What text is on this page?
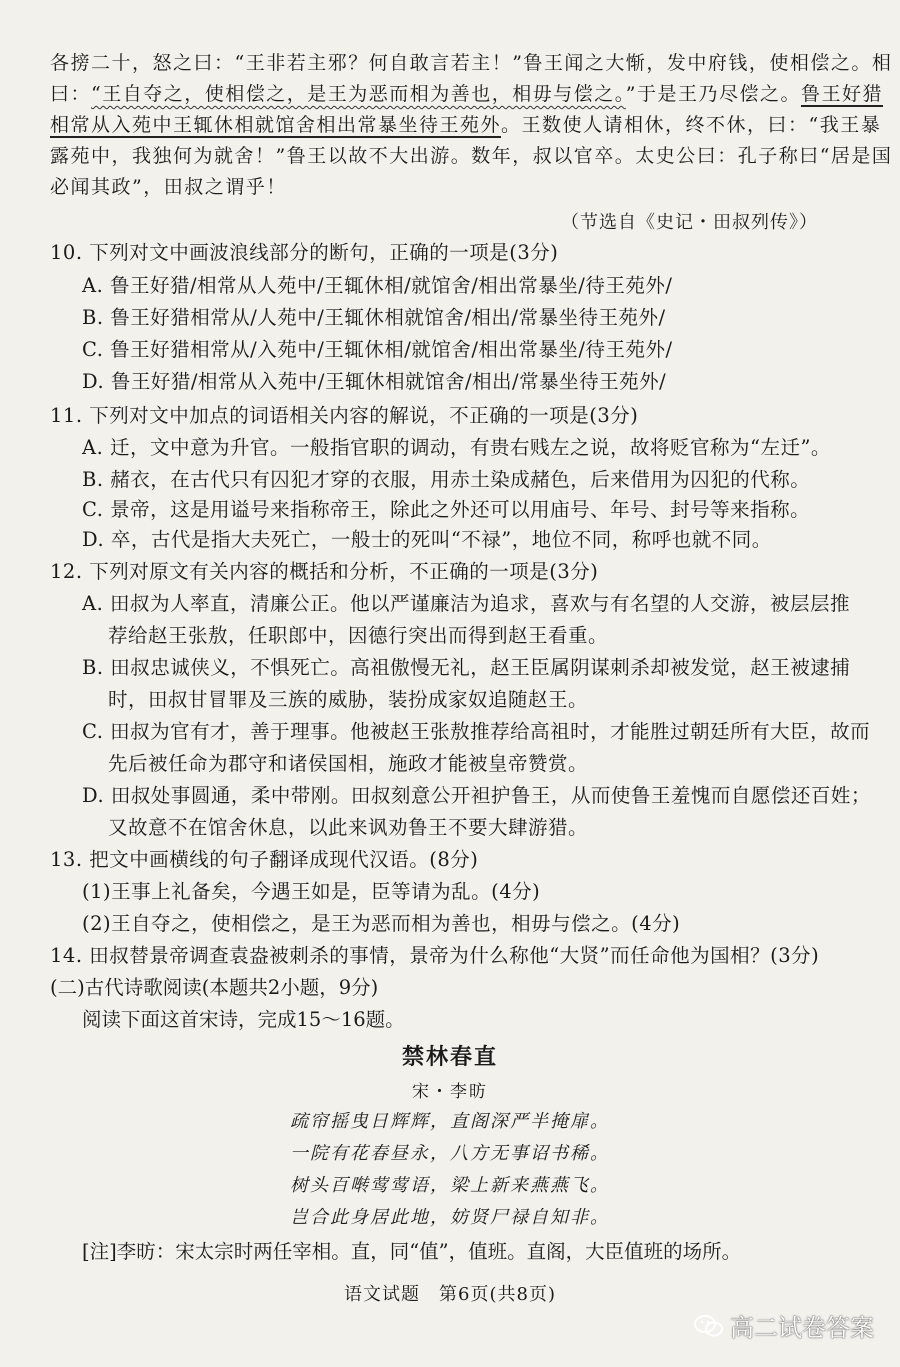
各搒二十，怒之曰：“王非若主邪？何自敢言若主！”鲁王闻之大惭，发中府钱，使相偿之。相
曰：“王自夺之，使相偿之，是王为恶而相为善也，相毋与偿之。”于是王乃尽偿之。鲁王好猎
相常从入苑中王辄休相就馆舍相出常暴坐待王苑外。王数使人请相休，终不休，曰：“我王暴
露苑中，我独何为就舍！”鲁王以故不大出游。数年，叔以官卒。太史公曰：孔子称曰“居是国
必闻其政”，田叔之谓乎！
（节选自《史记・田叔列传》）
10. 下列对文中画波浪线部分的断句，正确的一项是(3分)
A. 鲁王好猎/相常从人苑中/王辄休相/就馆舍/相出常暴坐/待王苑外/
B. 鲁王好猎相常从/人苑中/王辄休相就馆舍/相出/常暴坐待王苑外/
C. 鲁王好猎相常从/入苑中/王辄休相/就馆舍/相出常暴坐/待王苑外/
D. 鲁王好猎/相常从入苑中/王辄休相就馆舍/相出/常暴坐待王苑外/
11. 下列对文中加点的词语相关内容的解说，不正确的一项是(3分)
A. 迁，文中意为升官。一般指官职的调动，有贵右贱左之说，故将贬官称为“左迁”。
B. 赭衣，在古代只有囚犯才穿的衣服，用赤土染成赭色，后来借用为囚犯的代称。
C. 景帝，这是用谥号来指称帝王，除此之外还可以用庙号、年号、封号等来指称。
D. 卒，古代是指大夫死亡，一般士的死叫“不禄”，地位不同，称呼也就不同。
12. 下列对原文有关内容的概括和分析，不正确的一项是(3分)
A. 田叔为人率直，清廉公正。他以严谨廉洁为追求，喜欢与有名望的人交游，被层层推
荐给赵王张敖，任职郎中，因德行突出而得到赵王看重。
B. 田叔忠诚侠义，不惧死亡。高祖傲慢无礼，赵王臣属阴谋刺杀却被发觉，赵王被逮捕
时，田叔甘冒罪及三族的威胁，装扮成家奴追随赵王。
C. 田叔为官有才，善于理事。他被赵王张敖推荐给高祖时，才能胜过朝廷所有大臣，故而
先后被任命为郡守和诸侯国相，施政才能被皇帝赞赏。
D. 田叔处事圆通，柔中带刚。田叔刻意公开袒护鲁王，从而使鲁王羞愧而自愿偿还百姓；
又故意不在馆舍休息，以此来讽劝鲁王不要大肆游猎。
13. 把文中画横线的句子翻译成现代汉语。(8分)
(1)王事上礼备矣，今遇王如是，臣等请为乱。(4分)
(2)王自夺之，使相偿之，是王为恶而相为善也，相毋与偿之。(4分)
14. 田叔替景帝调查袁盎被刺杀的事情，景帝为什么称他“大贤”而任命他为国相？(3分)
(二)古代诗歌阅读(本题共2小题，9分)
阅读下面这首宋诗，完成15～16题。
禁林春直
宋・李昉
疏帘摇曳日辉辉，直阁深严半掩扉。
一院有花春昼永，八方无事诏书稀。
树头百啭莺莺语，梁上新来燕燕飞。
岂合此身居此地，妨贤尸禄自知非。
[注]李昉：宋太宗时两任宰相。直，同“值”，值班。直阁，大臣值班的场所。
语文试题　第6页(共8页)
高二试卷答案
